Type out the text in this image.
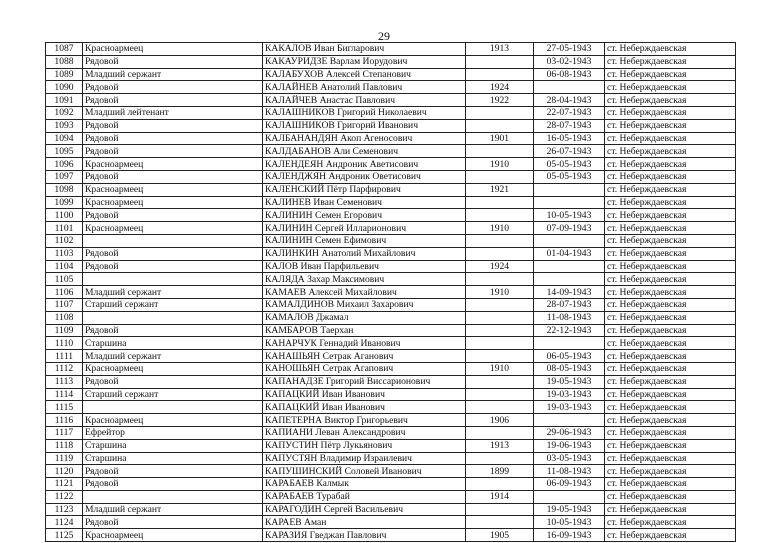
29
1087	Красноармеец	КАКАЛОВ Иван Бигларович	1913	27-05-1943	ст. Неберждаевская
1088	Рядовой	КАКАУРИДЗЕ Варлам Иорудович		03-02-1943	ст. Неберждаевская
1089	Младший сержант	КАЛАБУХОВ Алексей Степанович		06-08-1943	ст. Неберждаевская
1090	Рядовой	КАЛАЙНЕВ Анатолий Павлович	1924		ст. Неберждаевская
1091	Рядовой	КАЛАЙЧЕВ Анастас Павлович	1922	28-04-1943	ст. Неберждаевская
1092	Младший лейтенант	КАЛАШНИКОВ Григорий Николаевич		22-07-1943	ст. Неберждаевская
1093	Рядовой	КАЛАШНИКОВ Григорий Иванович		28-07-1943	ст. Неберждаевская
1094	Рядовой	КАЛБАНАНДЯН Акоп Агеносович	1901	16-05-1943	ст. Неберждаевская
1095	Рядовой	КАЛДАБАНОВ Али Семенович		26-07-1943	ст. Неберждаевская
1096	Красноармеец	КАЛЕНДЕЯН Андроник Аветисович	1910	05-05-1943	ст. Неберждаевская
1097	Рядовой	КАЛЕНДЖЯН Андроник Оветисович		05-05-1943	ст. Неберждаевская
1098	Красноармеец	КАЛЕНСКИЙ Пётр Парфирович	1921		ст. Неберждаевская
1099	Красноармеец	КАЛИНЕВ Иван Семенович			ст. Неберждаевская
1100	Рядовой	КАЛИНИН Семен Егорович		10-05-1943	ст. Неберждаевская
1101	Красноармеец	КАЛИНИН Сергей Илларионович	1910	07-09-1943	ст. Неберждаевская
1102		КАЛИНИН Семен Ефимович			ст. Неберждаевская
1103	Рядовой	КАЛИНКИН Анатолий Михайлович		01-04-1943	ст. Неберждаевская
1104	Рядовой	КАЛОВ Иван Парфильевич	1924		ст. Неберждаевская
1105		КАЛЯДА Захар Максимович			ст. Неберждаевская
1106	Младший сержант	КАМАЕВ Алексей Михайлович	1910	14-09-1943	ст. Неберждаевская
1107	Старший сержант	КАМАЛДИНОВ Михаил Захарович		28-07-1943	ст. Неберждаевская
1108		КАМАЛОВ Джамал		11-08-1943	ст. Неберждаевская
1109	Рядовой	КАМБАРОВ Таерхан		22-12-1943	ст. Неберждаевская
1110	Старшина	КАНАРЧУК Геннадий Иванович			ст. Неберждаевская
1111	Младший сержант	КАНАШЬЯН Сетрак Аганович		06-05-1943	ст. Неберждаевская
1112	Красноармеец	КАНОШЬЯН Сетрак Агапович	1910	08-05-1943	ст. Неберждаевская
1113	Рядовой	КАПАНАДЗЕ Григорий Виссарионович		19-05-1943	ст. Неберждаевская
1114	Старший сержант	КАПАЦКИЙ Иван Иванович		19-03-1943	ст. Неберждаевская
1115		КАПАЦКИЙ Иван Иванович		19-03-1943	ст. Неберждаевская
1116	Красноармеец	КАПЕТЕРНА Виктор Григорьевич	1906		ст. Неберждаевская
1117	Ефрейтор	КАПИАНИ Леван Александрович		29-06-1943	ст. Неберждаевская
1118	Старшина	КАПУСТИН Пётр Лукьянович	1913	19-06-1943	ст. Неберждаевская
1119	Старшина	КАПУСТЯН Владимир Израилевич		03-05-1943	ст. Неберждаевская
1120	Рядовой	КАПУШИНСКИЙ Соловей Иванович	1899	11-08-1943	ст. Неберждаевская
1121	Рядовой	КАРАБАЕВ Калмык		06-09-1943	ст. Неберждаевская
1122		КАРАБАЕВ Турабай	1914		ст. Неберждаевская
1123	Младший сержант	КАРАГОДИН Сергей Васильевич		19-05-1943	ст. Неберждаевская
1124	Рядовой	КАРАЕВ Аман		10-05-1943	ст. Неберждаевская
1125	Красноармеец	КАРАЗИЯ Гведжан Павлович	1905	16-09-1943	ст. Неберждаевская
